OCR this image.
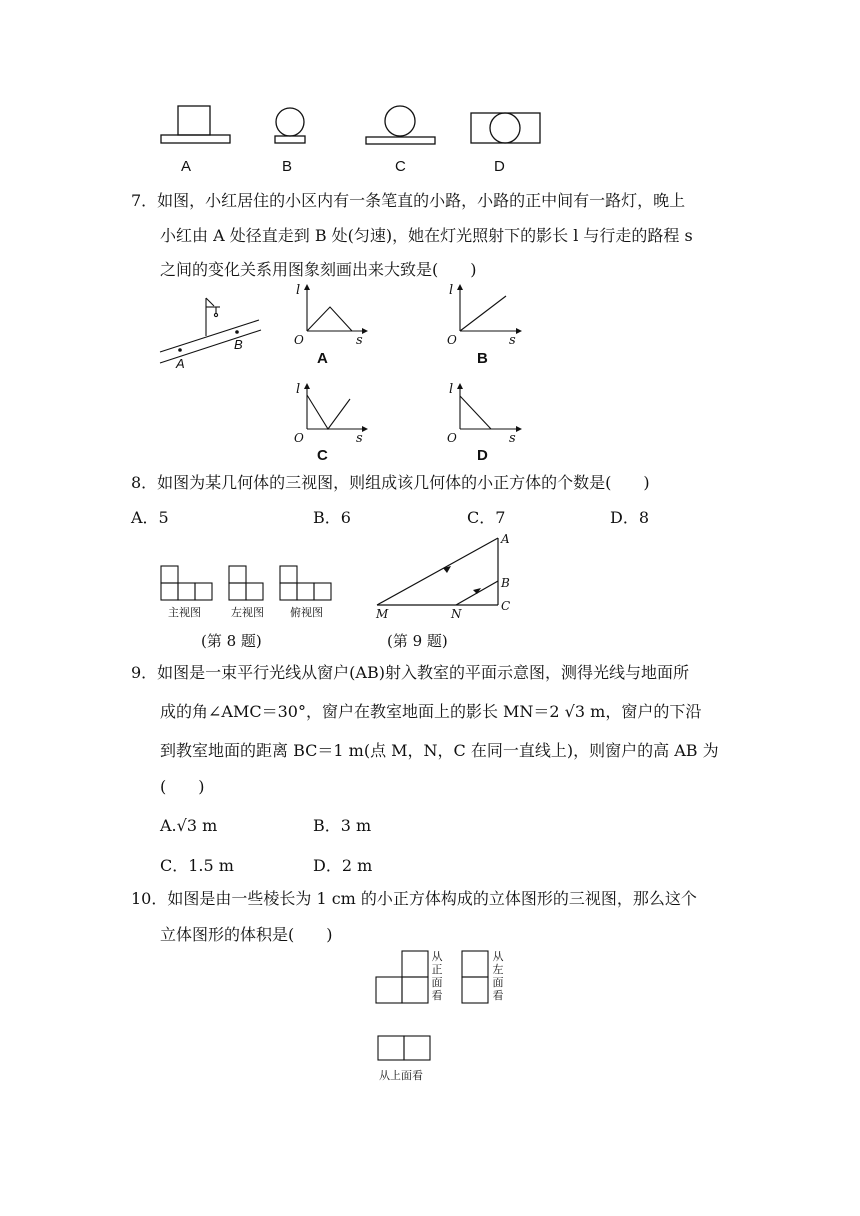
A	B	C	D
7．如图，小红居住的小区内有一条笔直的小路，小路的正中间有一路灯，晚上
小红由 A 处径直走到 B 处(匀速)，她在灯光照射下的影长 l 与行走的路程 s
之间的变化关系用图象刻画出来大致是(　　)
A
B
l
s
O
A
l
s
O
B
l
s
O
C
l
s
O
D
8．如图为某几何体的三视图，则组成该几何体的小正方体的个数是(　　)
A．5	B．6	C．7	D．8
主视图	左视图 俯视图
(第 8 题)
A
B
C
M	N
(第 9 题)
9．如图是一束平行光线从窗户(AB)射入教室的平面示意图，测得光线与地面所
成的角∠AMC＝30°，窗户在教室地面上的影长 MN＝2 √3 m，窗户的下沿
到教室地面的距离 BC＝1 m(点 M，N，C 在同一直线上)，则窗户的高 AB 为
(　　)
A.√3 m	B．3 m
C．1.5 m	D．2 m
10．如图是由一些棱长为 1 cm 的小正方体构成的立体图形的三视图，那么这个
立体图形的体积是(　　)
从
正
面
看
从
左
面
看
从上面看
